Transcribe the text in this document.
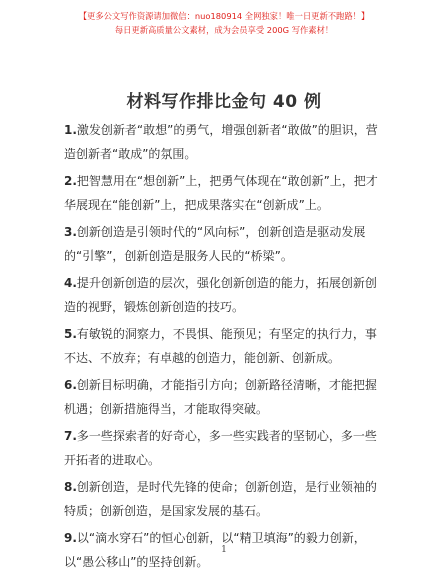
【更多公文写作资源请加微信：nuo180914 全网独家！唯一日更新不跑路！】
每日更新高质量公文素材，成为会员享受 200G 写作素材！
材料写作排比金句 40 例

1.激发创新者“敢想”的勇气，增强创新者“敢做”的胆识，营造创新者“敢成”的氛围。

2.把智慧用在“想创新”上，把勇气体现在“敢创新”上，把才华展现在“能创新”上，把成果落实在“创新成”上。

3.创新创造是引领时代的“风向标”，创新创造是驱动发展的“引擎”，创新创造是服务人民的“桥梁”。

4.提升创新创造的层次，强化创新创造的能力，拓展创新创造的视野，锻炼创新创造的技巧。

5.有敏锐的洞察力，不畏惧、能预见；有坚定的执行力，事不达、不放弃；有卓越的创造力，能创新、创新成。

6.创新目标明确，才能指引方向；创新路径清晰，才能把握机遇；创新措施得当，才能取得突破。

7.多一些探索者的好奇心，多一些实践者的坚韧心，多一些开拓者的进取心。

8.创新创造，是时代先锋的使命；创新创造，是行业领袖的特质；创新创造，是国家发展的基石。

9.以“滴水穿石”的恒心创新，以“精卫填海”的毅力创新，以“愚公移山”的坚持创新。

1
